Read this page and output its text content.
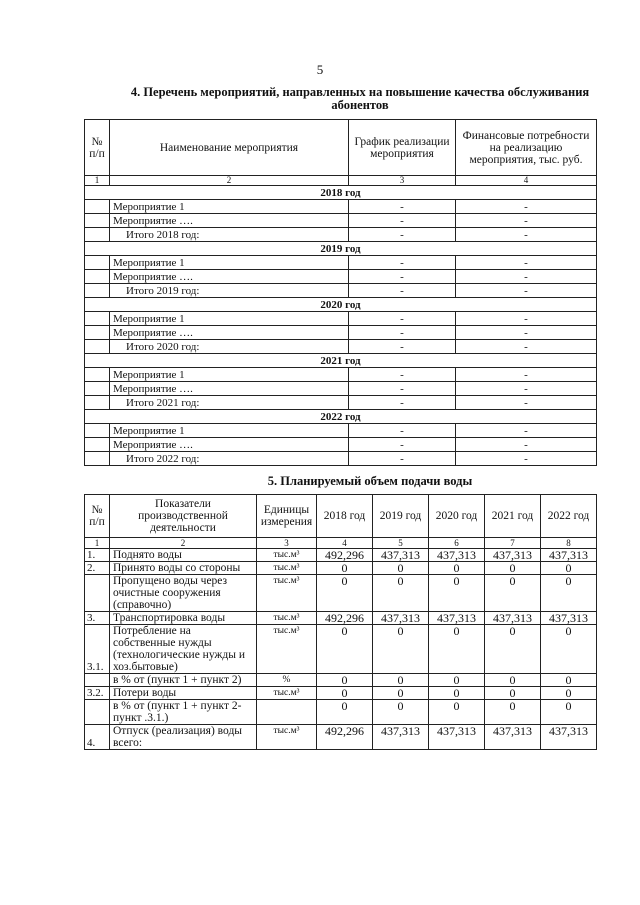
5
4. Перечень мероприятий, направленных на повышение качества обслуживания
абонентов
№ п/п	Наименование мероприятия	График реализации мероприятия	Финансовые потребности на реализацию мероприятия, тыс. руб.
1	2	3	4
2018 год			
	Мероприятие 1	-	-
	Мероприятие ….	-	-
	Итого 2018 год:	-	-
2019 год			
	Мероприятие 1	-	-
	Мероприятие ….	-	-
	Итого 2019 год:	-	-
2020 год			
	Мероприятие 1	-	-
	Мероприятие ….	-	-
	Итого 2020 год:	-	-
2021 год			
	Мероприятие 1	-	-
	Мероприятие ….	-	-
	Итого 2021 год:	-	-
2022 год			
	Мероприятие 1	-	-
	Мероприятие ….	-	-
	Итого 2022 год:	-	-
5. Планируемый объем подачи воды
№ п/п	Показатели производственной деятельности	Единицы измерения	2018 год	2019 год	2020 год	2021 год	2022 год
1	2	3	4	5	6	7	8
1.	Поднято воды	тыс.м³	492,296	437,313	437,313	437,313	437,313
2.	Принято воды со стороны	тыс.м³	0	0	0	0	0
	Пропущено воды через очистные сооружения (справочно)	тыс.м³	0	0	0	0	0
3.	Транспортировка воды	тыс.м³	492,296	437,313	437,313	437,313	437,313
3.1.	Потребление на собственные нужды (технологические нужды и хоз.бытовые)	тыс.м³	0	0	0	0	0
	в % от (пункт 1 + пункт 2)	%	0	0	0	0	0
3.2.	Потери воды	тыс.м³	0	0	0	0	0
	в % от (пункт 1 + пункт 2-пункт .3.1.)		0	0	0	0	0
4.	Отпуск (реализация) воды всего:	тыс.м³	492,296	437,313	437,313	437,313	437,313
